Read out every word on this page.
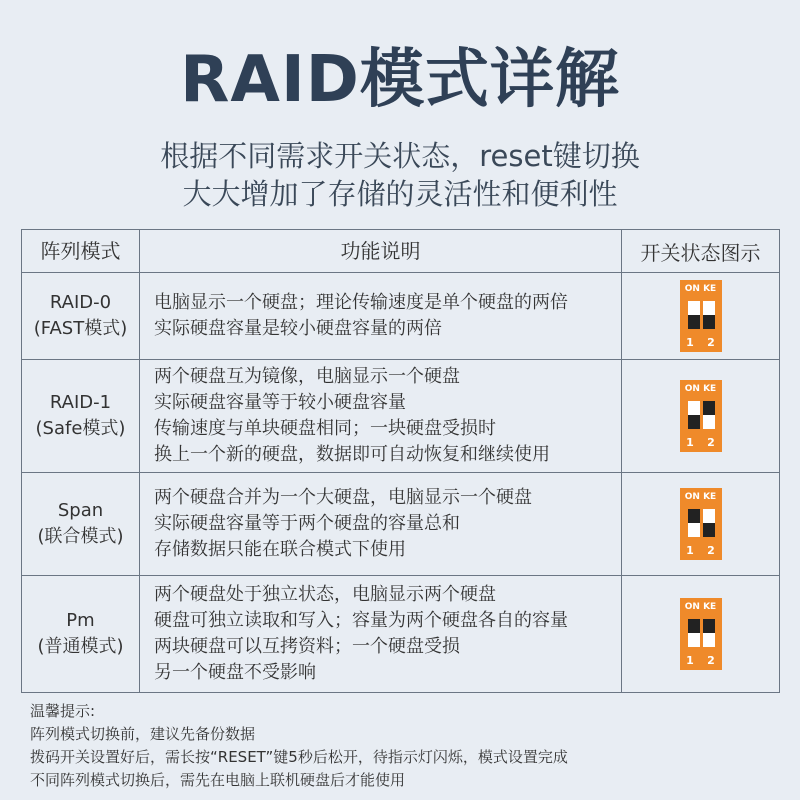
RAID模式详解
根据不同需求开关状态，reset键切换
大大增加了存储的灵活性和便利性
阵列模式	功能说明	开关状态图示
RAID-0
(FAST模式)
电脑显示一个硬盘；理论传输速度是单个硬盘的两倍
实际硬盘容量是较小硬盘容量的两倍
ON KE
1 2
RAID-1
(Safe模式)
两个硬盘互为镜像，电脑显示一个硬盘
实际硬盘容量等于较小硬盘容量
传输速度与单块硬盘相同；一块硬盘受损时
换上一个新的硬盘，数据即可自动恢复和继续使用
ON KE
1 2
Span
(联合模式)
两个硬盘合并为一个大硬盘，电脑显示一个硬盘
实际硬盘容量等于两个硬盘的容量总和
存储数据只能在联合模式下使用
ON KE
1 2
Pm
(普通模式)
两个硬盘处于独立状态，电脑显示两个硬盘
硬盘可独立读取和写入；容量为两个硬盘各自的容量
两块硬盘可以互拷资料；一个硬盘受损
另一个硬盘不受影响
ON KE
1 2
温馨提示:
阵列模式切换前，建议先备份数据
拨码开关设置好后，需长按“RESET”键5秒后松开，待指示灯闪烁，模式设置完成
不同阵列模式切换后，需先在电脑上联机硬盘后才能使用
